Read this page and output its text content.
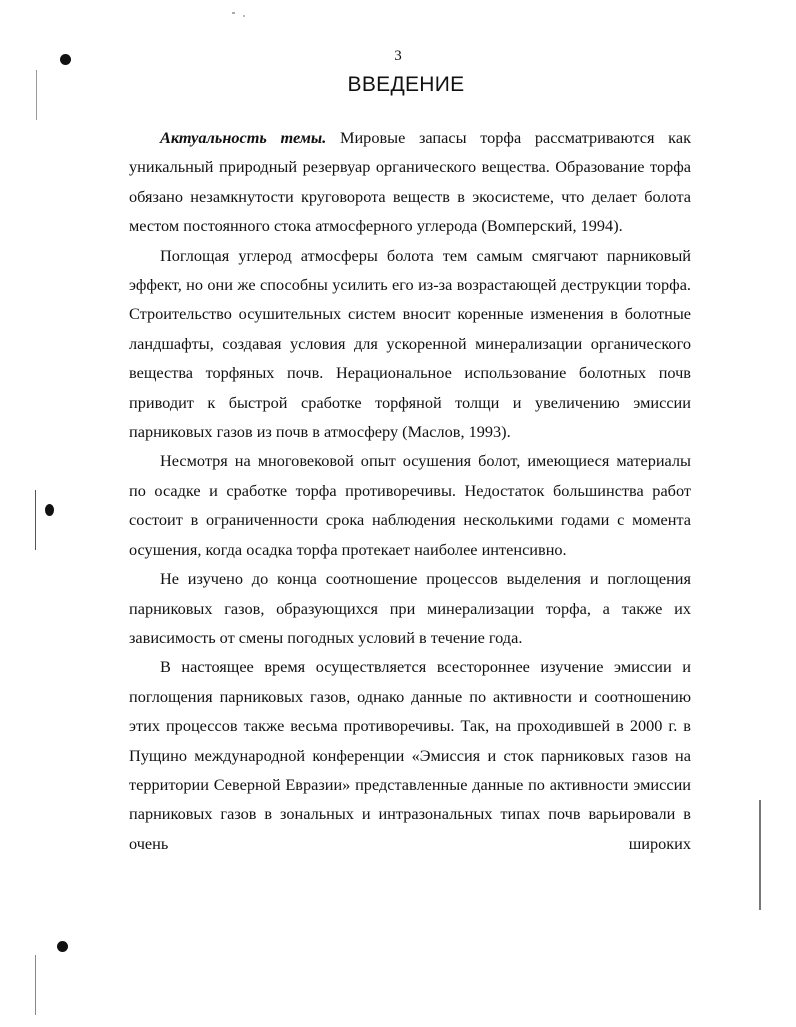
3
ВВЕДЕНИЕ

Актуальность темы. Мировые запасы торфа рассматриваются как уникальный природный резервуар органического вещества. Образование торфа обязано незамкнутости круговорота веществ в экосистеме, что делает болота местом постоянного стока атмосферного углерода (Вомперский, 1994).

Поглощая углерод атмосферы болота тем самым смягчают парниковый эффект, но они же способны усилить его из-за возрастающей деструкции торфа. Строительство осушительных систем вносит коренные изменения в болотные ландшафты, создавая условия для ускоренной минерализации органического вещества торфяных почв. Нерациональное использование болотных почв приводит к быстрой сработке торфяной толщи и увеличению эмиссии парниковых газов из почв в атмосферу (Маслов, 1993).

Несмотря на многовековой опыт осушения болот, имеющиеся материалы по осадке и сработке торфа противоречивы. Недостаток большинства работ состоит в ограниченности срока наблюдения несколькими годами с момента осушения, когда осадка торфа протекает наиболее интенсивно.

Не изучено до конца соотношение процессов выделения и поглощения парниковых газов, образующихся при минерализации торфа, а также их зависимость от смены погодных условий в течение года.

В настоящее время осуществляется всестороннее изучение эмиссии и поглощения парниковых газов, однако данные по активности и соотношению этих процессов также весьма противоречивы. Так, на проходившей в 2000 г. в Пущино международной конференции «Эмиссия и сток парниковых газов на территории Северной Евразии» представленные данные по активности эмиссии парниковых газов в зональных и интразональных типах почв варьировали в очень широких
